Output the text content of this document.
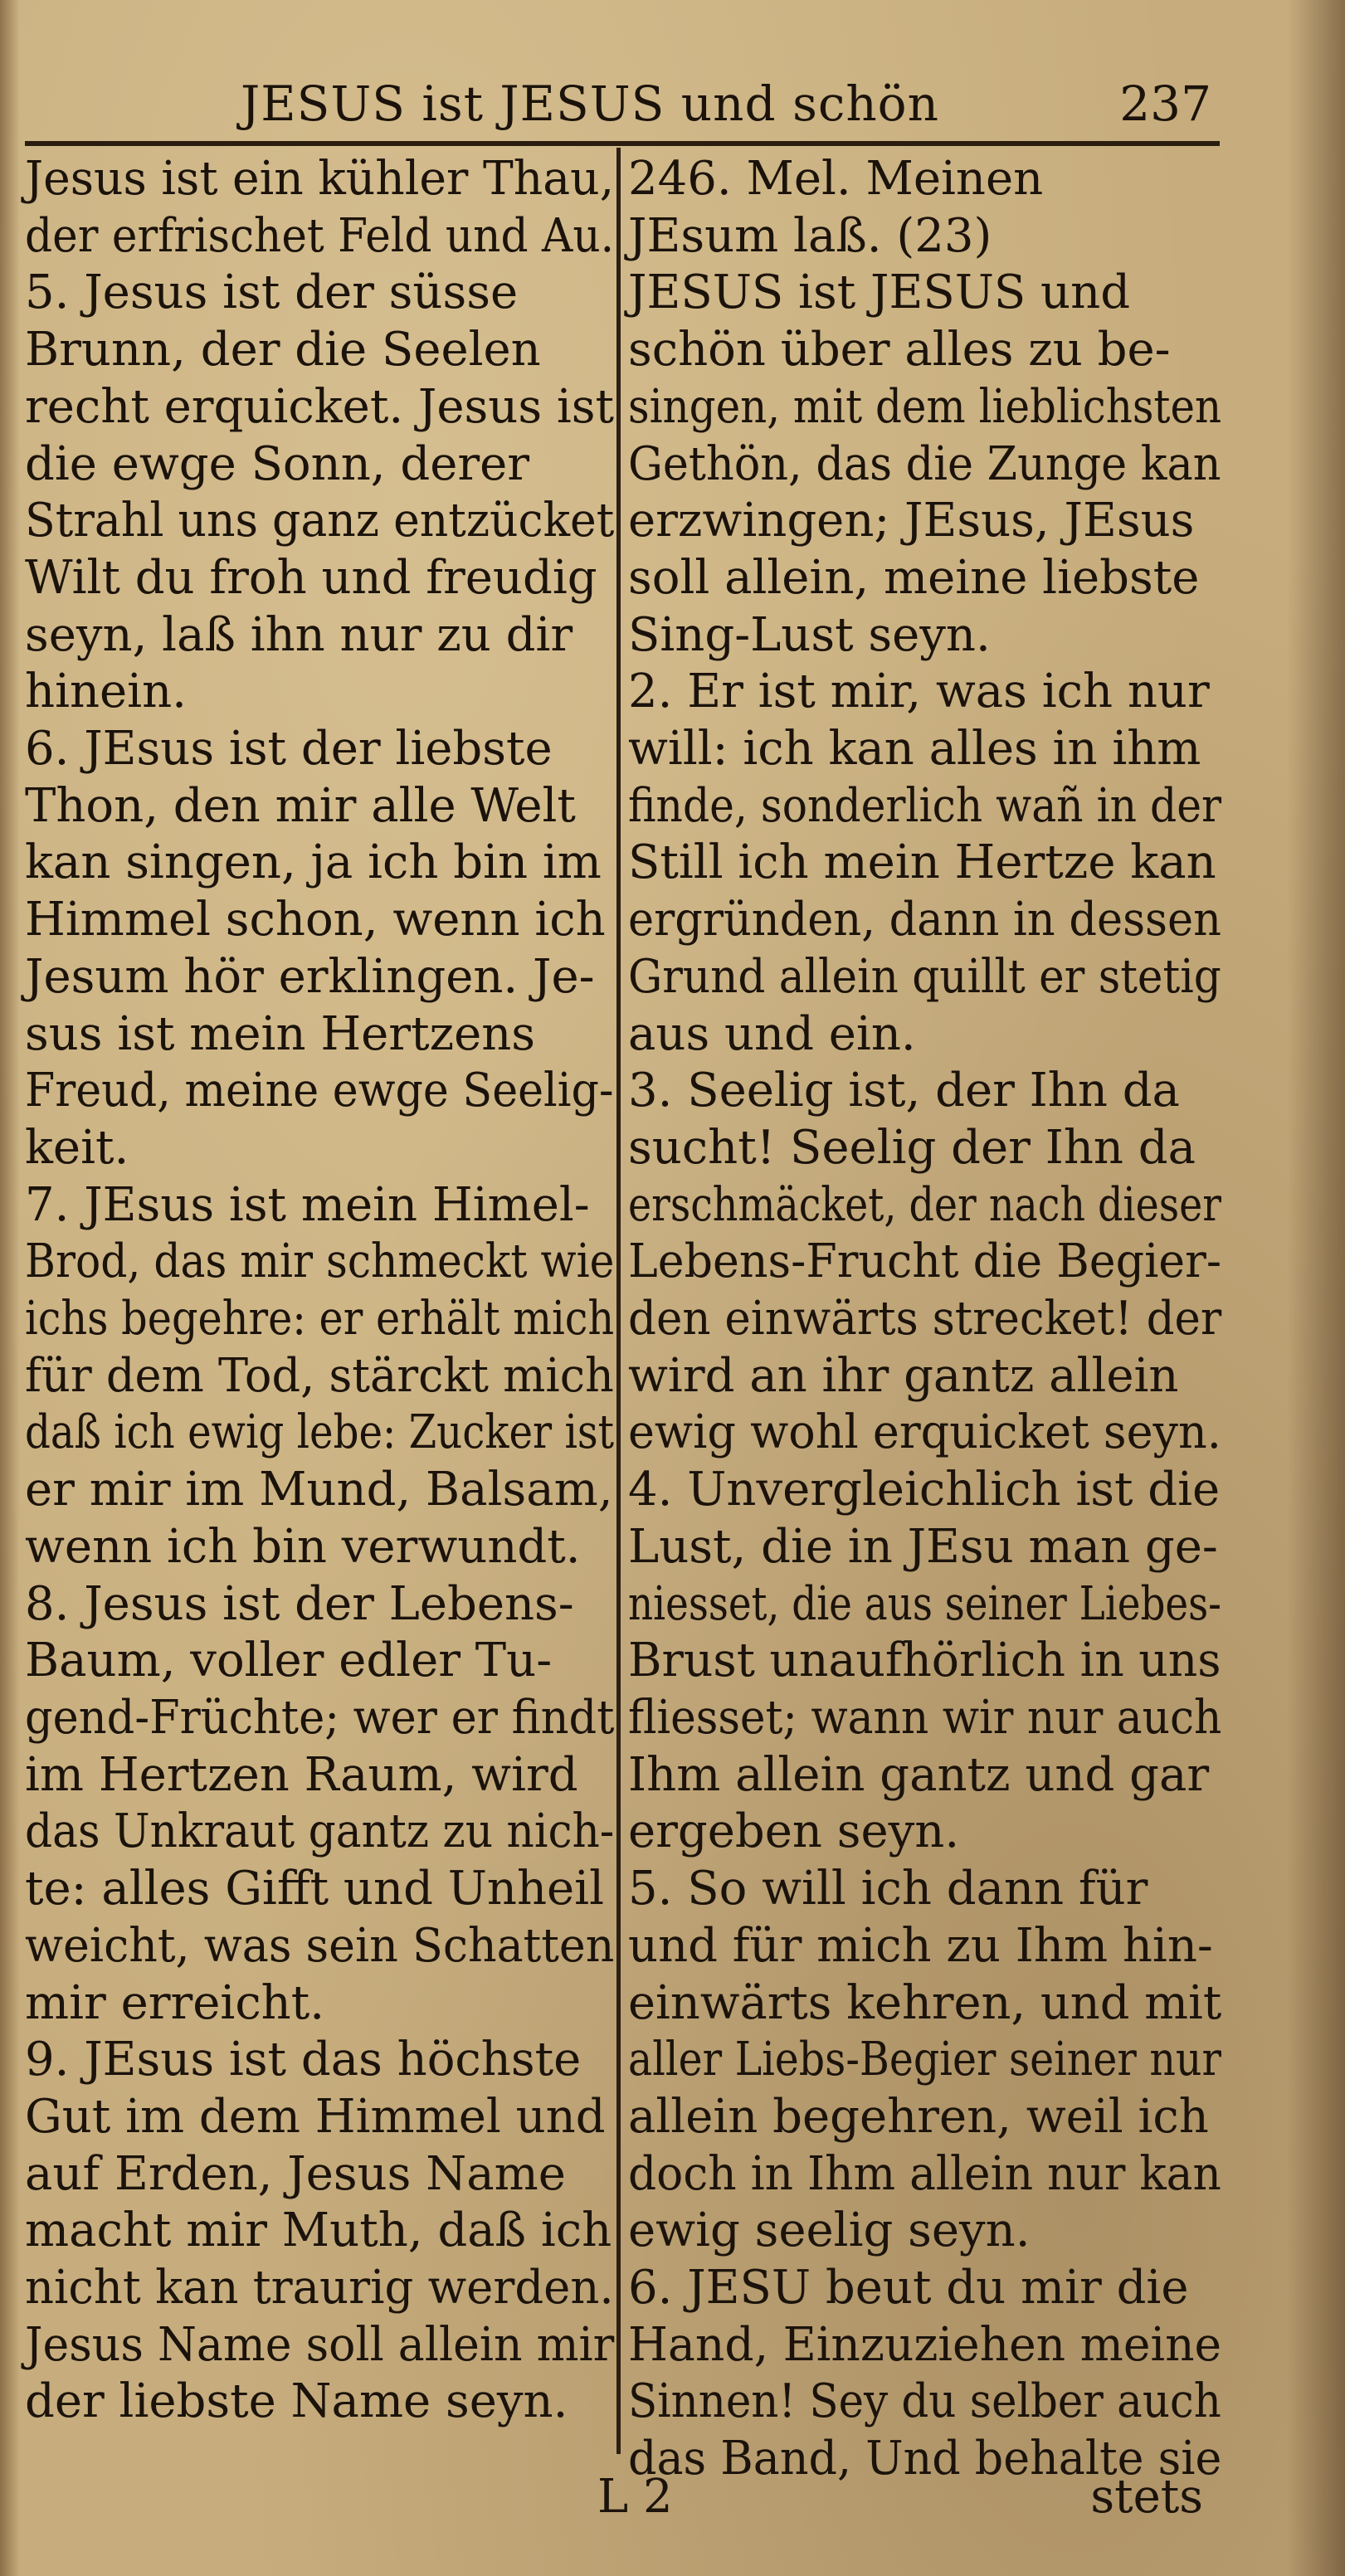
JESUS ist JESUS und schön	237
Jesus ist ein kühler Thau,
der erfrischet Feld und Au.
5. Jesus ist der süsse
Brunn, der die Seelen
recht erquicket. Jesus ist
die ewge Sonn, derer
Strahl uns ganz entzücket
Wilt du froh und freudig
seyn, laß ihn nur zu dir
hinein.
6. JEsus ist der liebste
Thon, den mir alle Welt
kan singen, ja ich bin im
Himmel schon, wenn ich
Jesum hör erklingen. Je-
sus ist mein Hertzens
Freud, meine ewge Seelig-
keit.
7. JEsus ist mein Himel-
Brod, das mir schmeckt wie
ichs begehre: er erhält mich
für dem Tod, stärckt mich
daß ich ewig lebe: Zucker ist
er mir im Mund, Balsam,
wenn ich bin verwundt.
8. Jesus ist der Lebens-
Baum, voller edler Tu-
gend-Früchte; wer er findt
im Hertzen Raum, wird
das Unkraut gantz zu nich-
te: alles Gifft und Unheil
weicht, was sein Schatten
mir erreicht.
9. JEsus ist das höchste
Gut im dem Himmel und
auf Erden, Jesus Name
macht mir Muth, daß ich
nicht kan traurig werden.
Jesus Name soll allein mir
der liebste Name seyn.
246. Mel. Meinen
JEsum laß. (23)
JESUS ist JESUS und
schön über alles zu be-
singen, mit dem lieblichsten
Gethön, das die Zunge kan
erzwingen; JEsus, JEsus
soll allein, meine liebste
Sing-Lust seyn.
2. Er ist mir, was ich nur
will: ich kan alles in ihm
finde, sonderlich wañ in der
Still ich mein Hertze kan
ergründen, dann in dessen
Grund allein quillt er stetig
aus und ein.
3. Seelig ist, der Ihn da
sucht! Seelig der Ihn da
erschmäcket, der nach dieser
Lebens-Frucht die Begier-
den einwärts strecket! der
wird an ihr gantz allein
ewig wohl erquicket seyn.
4. Unvergleichlich ist die
Lust, die in JEsu man ge-
niesset, die aus seiner Liebes-
Brust unaufhörlich in uns
fliesset; wann wir nur auch
Ihm allein gantz und gar
ergeben seyn.
5. So will ich dann für
und für mich zu Ihm hin-
einwärts kehren, und mit
aller Liebs-Begier seiner nur
allein begehren, weil ich
doch in Ihm allein nur kan
ewig seelig seyn.
6. JESU beut du mir die
Hand, Einzuziehen meine
Sinnen! Sey du selber auch
das Band, Und behalte sie
L 2	stets
